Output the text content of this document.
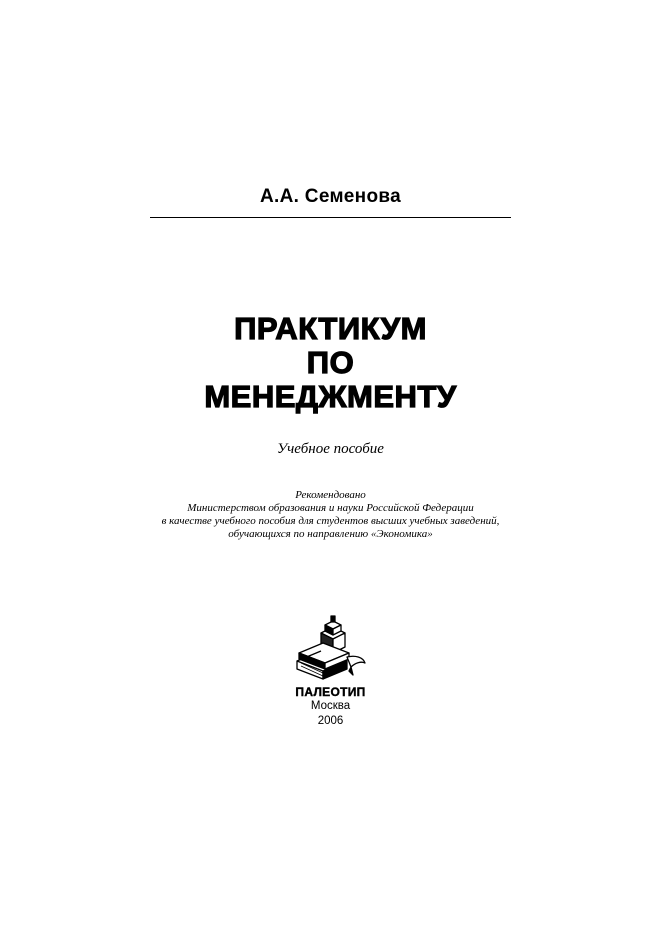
А.А. Семенова
ПРАКТИКУМ
ПО
МЕНЕДЖМЕНТУ
Учебное пособие
Рекомендовано
Министерством образования и науки Российской Федерации
в качестве учебного пособия для студентов высших учебных заведений,
обучающихся по направлению «Экономика»
ПАЛЕОТИП
Москва
2006
